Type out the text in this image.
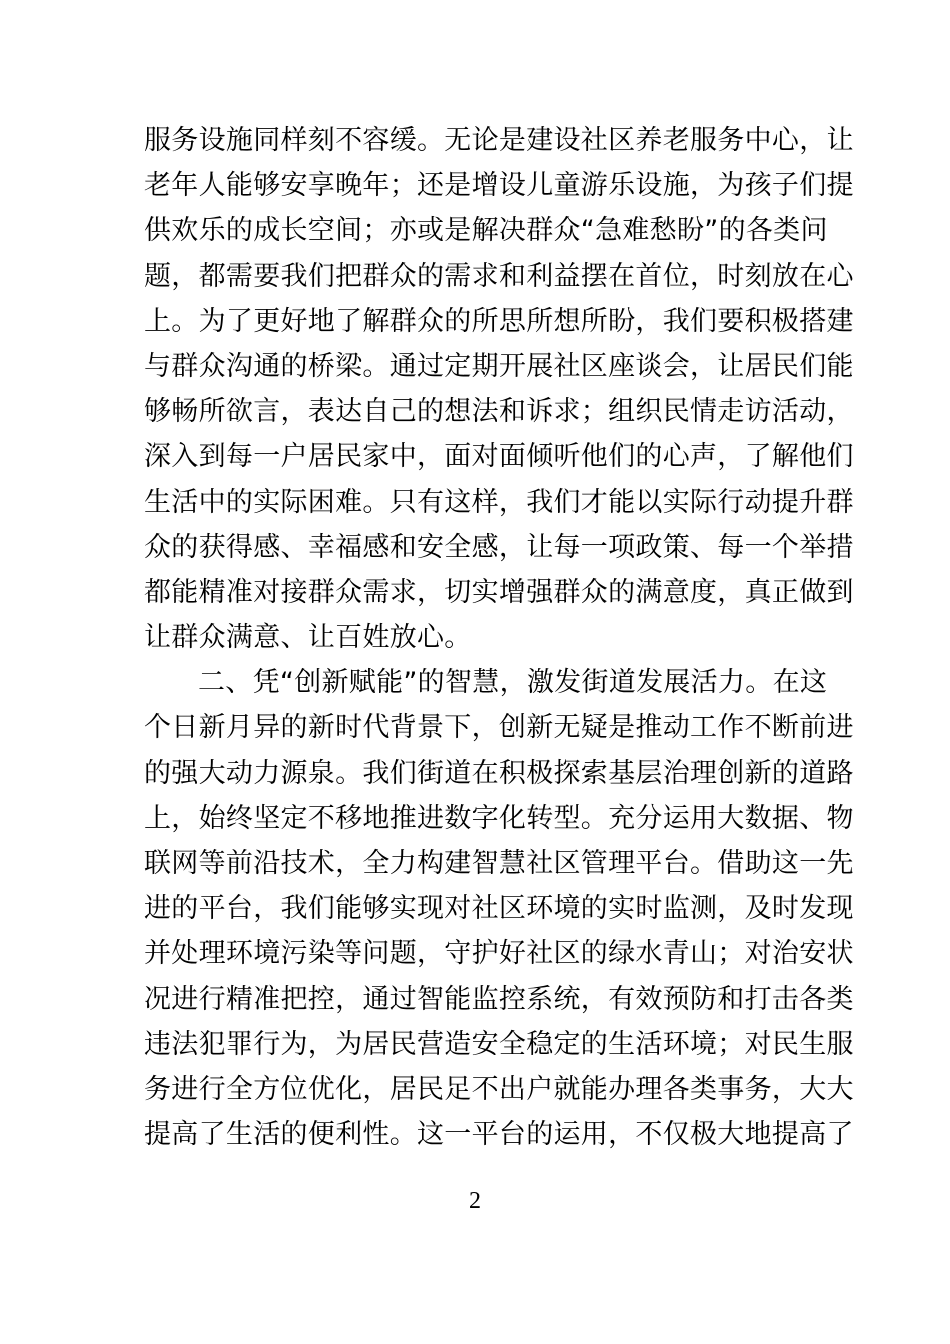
服务设施同样刻不容缓。无论是建设社区养老服务中心，让
老年人能够安享晚年；还是增设儿童游乐设施，为孩子们提
供欢乐的成长空间；亦或是解决群众“急难愁盼”的各类问
题，都需要我们把群众的需求和利益摆在首位，时刻放在心
上。为了更好地了解群众的所思所想所盼，我们要积极搭建
与群众沟通的桥梁。通过定期开展社区座谈会，让居民们能
够畅所欲言，表达自己的想法和诉求；组织民情走访活动，
深入到每一户居民家中，面对面倾听他们的心声，了解他们
生活中的实际困难。只有这样，我们才能以实际行动提升群
众的获得感、幸福感和安全感，让每一项政策、每一个举措
都能精准对接群众需求，切实增强群众的满意度，真正做到
让群众满意、让百姓放心。
二、凭“创新赋能”的智慧，激发街道发展活力。在这
个日新月异的新时代背景下，创新无疑是推动工作不断前进
的强大动力源泉。我们街道在积极探索基层治理创新的道路
上，始终坚定不移地推进数字化转型。充分运用大数据、物
联网等前沿技术，全力构建智慧社区管理平台。借助这一先
进的平台，我们能够实现对社区环境的实时监测，及时发现
并处理环境污染等问题，守护好社区的绿水青山；对治安状
况进行精准把控，通过智能监控系统，有效预防和打击各类
违法犯罪行为，为居民营造安全稳定的生活环境；对民生服
务进行全方位优化，居民足不出户就能办理各类事务，大大
提高了生活的便利性。这一平台的运用，不仅极大地提高了
2
